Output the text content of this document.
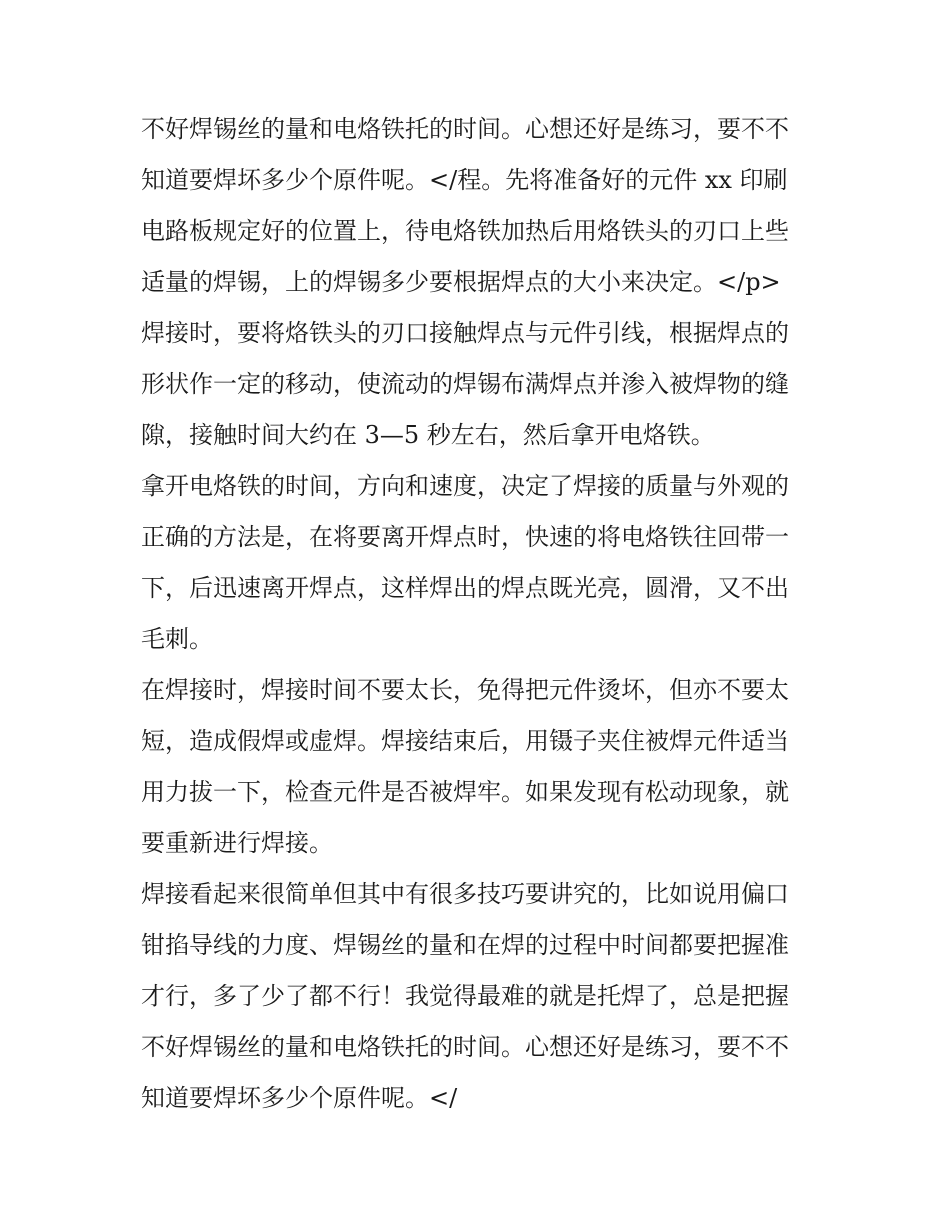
不好焊锡丝的量和电烙铁托的时间。心想还好是练习，要不不
知道要焊坏多少个原件呢。</程。先将准备好的元件 xx 印刷
电路板规定好的位置上，待电烙铁加热后用烙铁头的刃口上些
适量的焊锡，上的焊锡多少要根据焊点的大小来决定。</p>
焊接时，要将烙铁头的刃口接触焊点与元件引线，根据焊点的
形状作一定的移动，使流动的焊锡布满焊点并渗入被焊物的缝
隙，接触时间大约在 3—5 秒左右，然后拿开电烙铁。
拿开电烙铁的时间，方向和速度，决定了焊接的质量与外观的
正确的方法是，在将要离开焊点时，快速的将电烙铁往回带一
下，后迅速离开焊点，这样焊出的焊点既光亮，圆滑，又不出
毛刺。
在焊接时，焊接时间不要太长，免得把元件烫坏，但亦不要太
短，造成假焊或虚焊。焊接结束后，用镊子夹住被焊元件适当
用力拔一下，检查元件是否被焊牢。如果发现有松动现象，就
要重新进行焊接。
焊接看起来很简单但其中有很多技巧要讲究的，比如说用偏口
钳掐导线的力度、焊锡丝的量和在焊的过程中时间都要把握准
才行，多了少了都不行！我觉得最难的就是托焊了，总是把握
不好焊锡丝的量和电烙铁托的时间。心想还好是练习，要不不
知道要焊坏多少个原件呢。</
